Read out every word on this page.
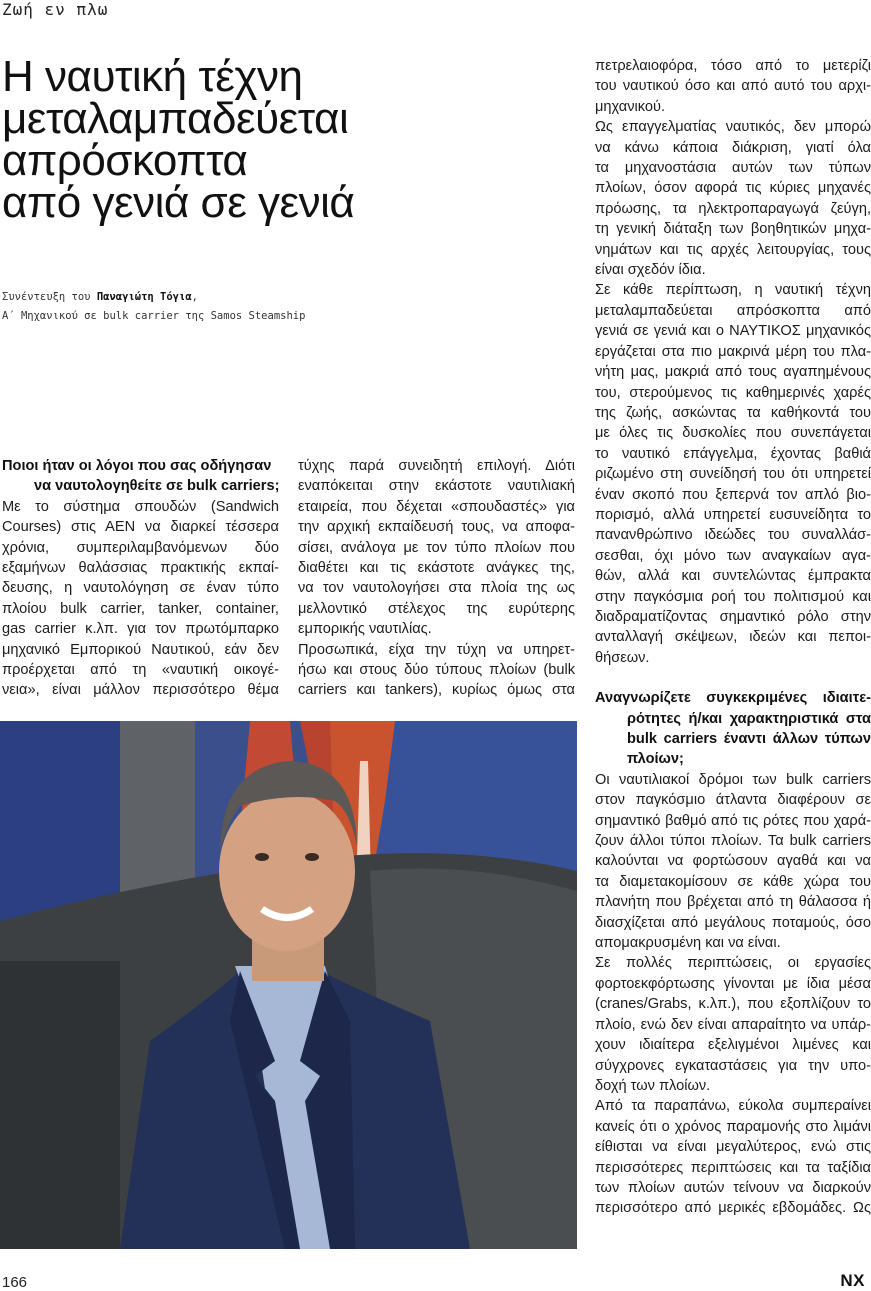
Ζωή εν πλω
Η ναυτική τέχνη
μεταλαμπαδεύεται
απρόσκοπτα
από γενιά σε γενιά
Συνέντευξη του Παναγιώτη Τόγια,
Α΄ Μηχανικού σε bulk carrier της Samos Steamship
Ποιοι ήταν οι λόγοι που σας οδήγησαν
να ναυτολογηθείτε σε bulk carriers;

Με το σύστημα σπουδών (Sandwich
Courses) στις ΑΕΝ να διαρκεί τέσσερα
χρόνια, συμπεριλαμβανόμενων δύο
εξαμήνων θαλάσσιας πρακτικής εκπαί-
δευσης, η ναυτολόγηση σε έναν τύπο
πλοίου bulk carrier, tanker, container,
gas carrier κ.λπ. για τον πρωτόμπαρκο
μηχανικό Εμπορικού Ναυτικού, εάν δεν
προέρχεται από τη «ναυτική οικογέ-
νεια», είναι μάλλον περισσότερο θέμα

τύχης παρά συνειδητή επιλογή. Διότι
εναπόκειται στην εκάστοτε ναυτιλιακή
εταιρεία, που δέχεται «σπουδαστές» για
την αρχική εκπαίδευσή τους, να αποφα-
σίσει, ανάλογα με τον τύπο πλοίων που
διαθέτει και τις εκάστοτε ανάγκες της,
να τον ναυτολογήσει στα πλοία της ως
μελλοντικό στέλεχος της ευρύτερης
εμπορικής ναυτιλίας.

Προσωπικά, είχα την τύχη να υπηρετ-
ήσω και στους δύο τύπους πλοίων (bulk
carriers και tankers), κυρίως όμως στα

πετρελαιοφόρα, τόσο από το μετερίζι
του ναυτικού όσο και από αυτό του αρχι-
μηχανικού.

Ως επαγγελματίας ναυτικός, δεν μπορώ
να κάνω κάποια διάκριση, γιατί όλα
τα μηχανοστάσια αυτών των τύπων
πλοίων, όσον αφορά τις κύριες μηχανές
πρόωσης, τα ηλεκτροπαραγωγά ζεύγη,
τη γενική διάταξη των βοηθητικών μηχα-
νημάτων και τις αρχές λειτουργίας, τους
είναι σχεδόν ίδια.

Σε κάθε περίπτωση, η ναυτική τέχνη
μεταλαμπαδεύεται απρόσκοπτα από
γενιά σε γενιά και ο ΝΑΥΤΙΚΟΣ μηχανικός
εργάζεται στα πιο μακρινά μέρη του πλα-
νήτη μας, μακριά από τους αγαπημένους
του, στερούμενος τις καθημερινές χαρές
της ζωής, ασκώντας τα καθήκοντά του
με όλες τις δυσκολίες που συνεπάγεται
το ναυτικό επάγγελμα, έχοντας βαθιά
ριζωμένο στη συνείδησή του ότι υπηρετεί
έναν σκοπό που ξεπερνά τον απλό βιο-
πορισμό, αλλά υπηρετεί ευσυνείδητα το
πανανθρώπινο ιδεώδες του συναλλάσ-
σεσθαι, όχι μόνο των αναγκαίων αγα-
θών, αλλά και συντελώντας έμπρακτα
στην παγκόσμια ροή του πολιτισμού και
διαδραματίζοντας σημαντικό ρόλο στην
ανταλλαγή σκέψεων, ιδεών και πεποι-
θήσεων.

Αναγνωρίζετε συγκεκριμένες ιδιαιτε-
ρότητες ή/και χαρακτηριστικά στα
bulk carriers έναντι άλλων τύπων
πλοίων;

Οι ναυτιλιακοί δρόμοι των bulk carriers
στον παγκόσμιο άτλαντα διαφέρουν σε
σημαντικό βαθμό από τις ρότες που χαρά-
ζουν άλλοι τύποι πλοίων. Τα bulk carriers
καλούνται να φορτώσουν αγαθά και να
τα διαμετακομίσουν σε κάθε χώρα του
πλανήτη που βρέχεται από τη θάλασσα ή
διασχίζεται από μεγάλους ποταμούς, όσο
απομακρυσμένη και να είναι.

Σε πολλές περιπτώσεις, οι εργασίες
φορτοεκφόρτωσης γίνονται με ίδια μέσα
(cranes/Grabs, κ.λπ.), που εξοπλίζουν το
πλοίο, ενώ δεν είναι απαραίτητο να υπάρ-
χουν ιδιαίτερα εξελιγμένοι λιμένες και
σύγχρονες εγκαταστάσεις για την υπο-
δοχή των πλοίων.

Από τα παραπάνω, εύκολα συμπεραίνει
κανείς ότι ο χρόνος παραμονής στο λιμάνι
είθισται να είναι μεγαλύτερος, ενώ στις
περισσότερες περιπτώσεις και τα ταξίδια
των πλοίων αυτών τείνουν να διαρκούν
περισσότερο από μερικές εβδομάδες. Ως

166	NX
